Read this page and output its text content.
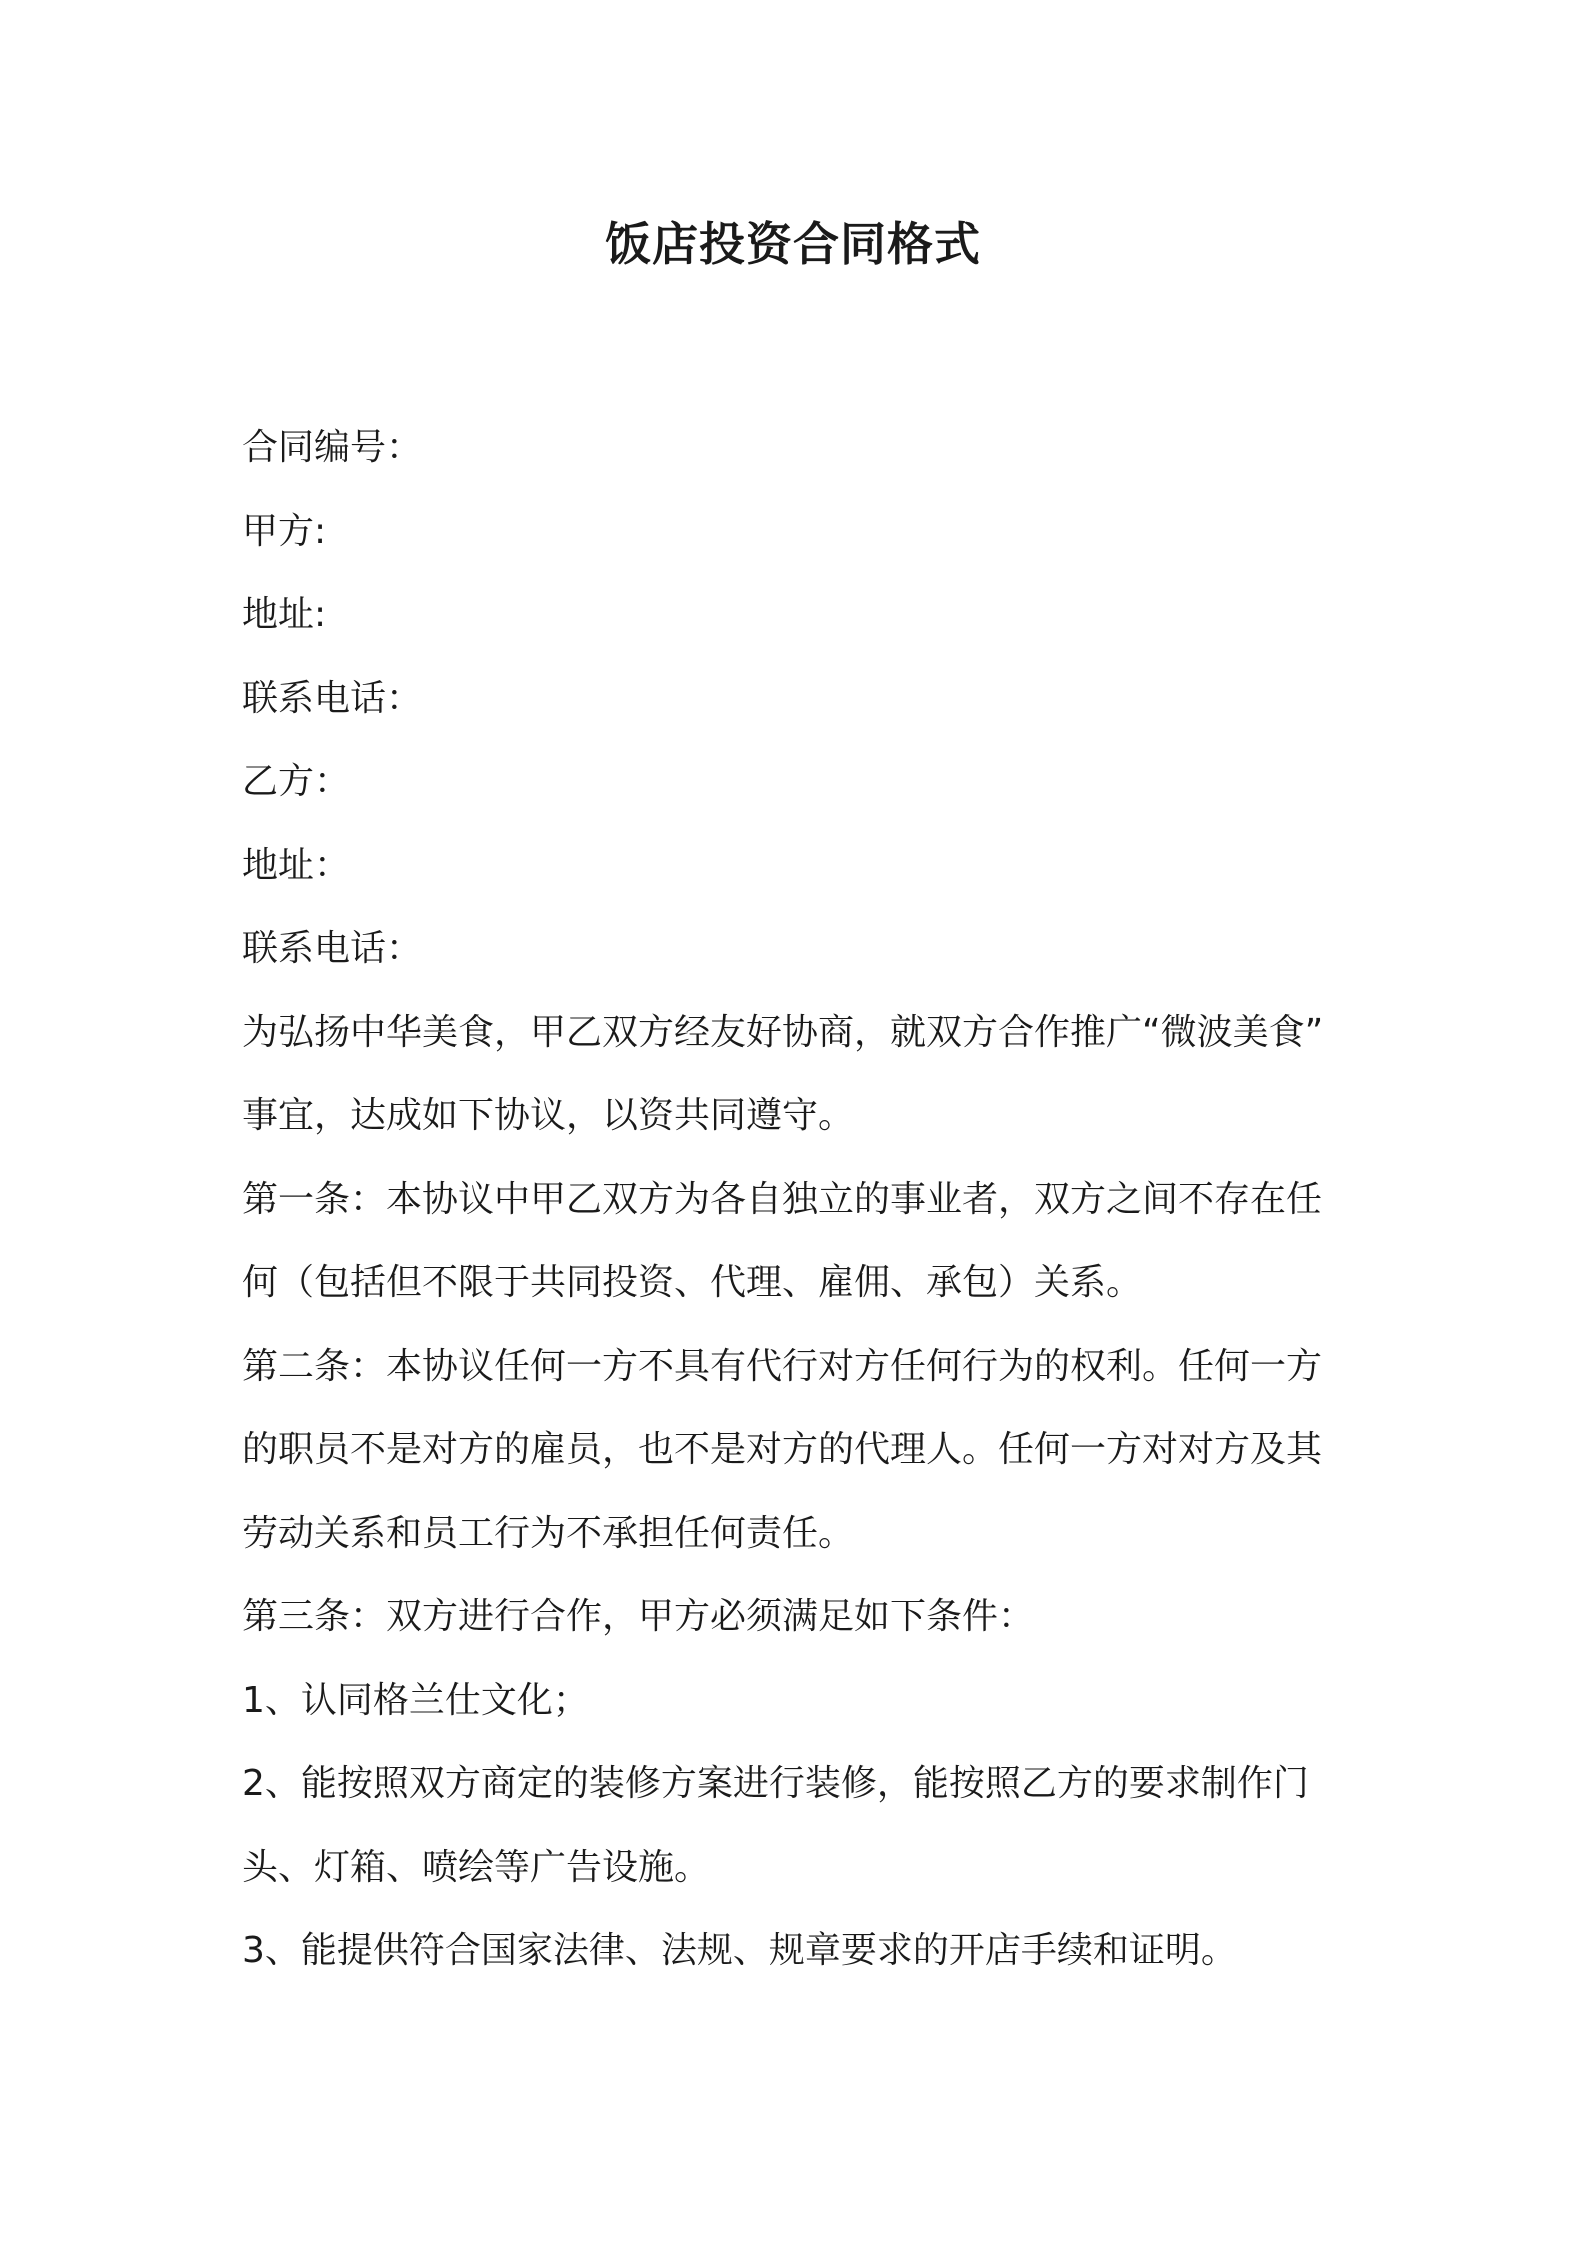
饭店投资合同格式
合同编号：
甲方:
地址:
联系电话：
乙方：
地址：
联系电话：
为弘扬中华美食，甲乙双方经友好协商，就双方合作推广“微波美食”
事宜，达成如下协议，以资共同遵守。
第一条：本协议中甲乙双方为各自独立的事业者，双方之间不存在任
何（包括但不限于共同投资、代理、雇佣、承包）关系。
第二条：本协议任何一方不具有代行对方任何行为的权利。任何一方
的职员不是对方的雇员，也不是对方的代理人。任何一方对对方及其
劳动关系和员工行为不承担任何责任。
第三条：双方进行合作，甲方必须满足如下条件：
1、认同格兰仕文化；
2、能按照双方商定的装修方案进行装修，能按照乙方的要求制作门
头、灯箱、喷绘等广告设施。
3、能提供符合国家法律、法规、规章要求的开店手续和证明。
